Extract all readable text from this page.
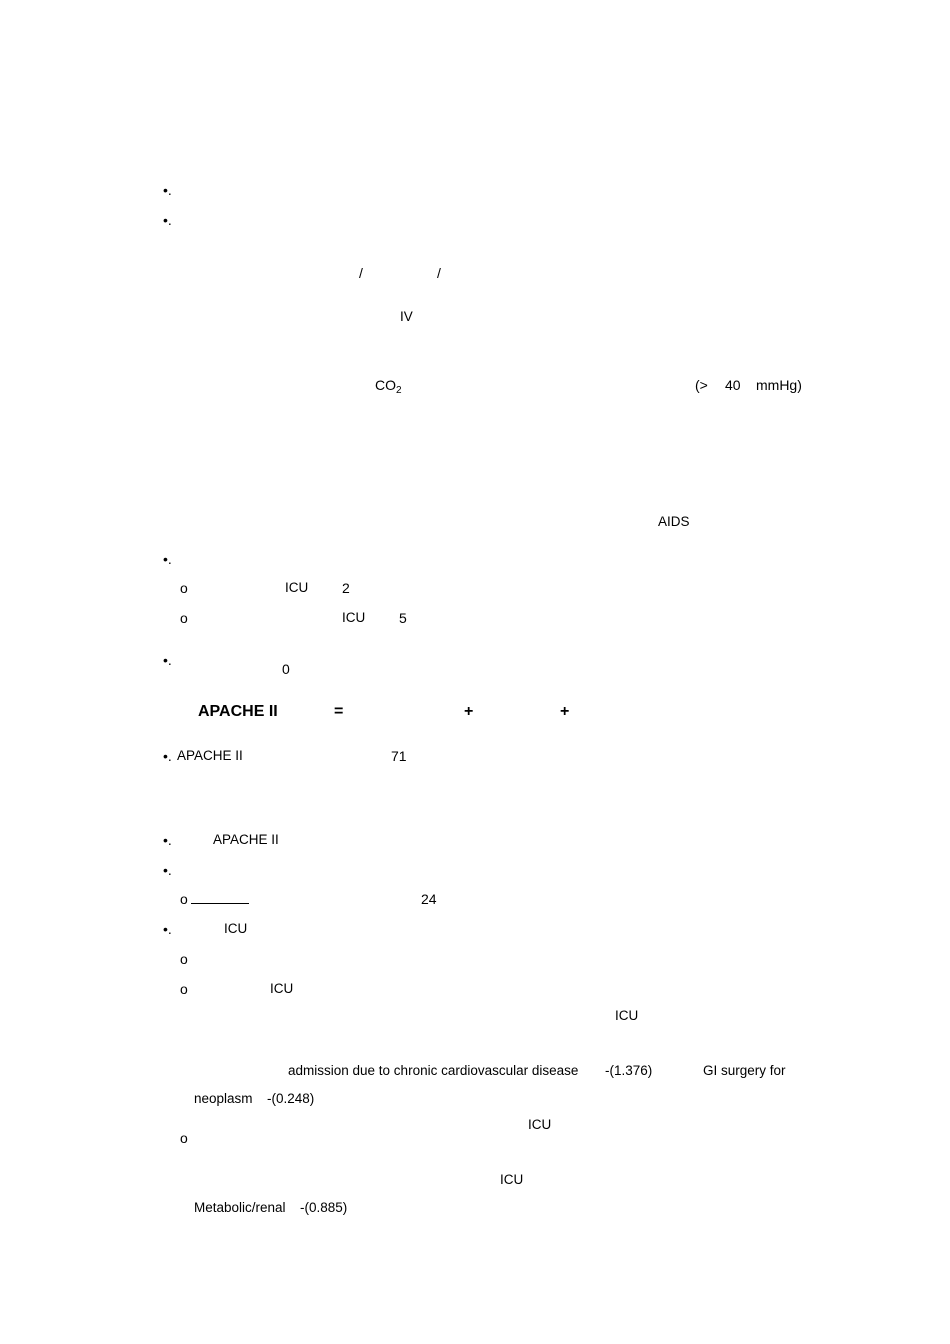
•.
•.
/	/
IV
$CO_2$	(> 40 mmHg)
AIDS
•.
o	ICU 2
o	ICU 5
•.
0
APACHE II	=	+	+
•. APACHE II	71
•.	APACHE II
•.
o	24
•.	ICU
o
o	ICU
ICU
admission due to chronic cardiovascular disease -(1.376)	GI surgery for
neoplasm -(0.248)
ICU
o
ICU
Metabolic/renal -(0.885)
